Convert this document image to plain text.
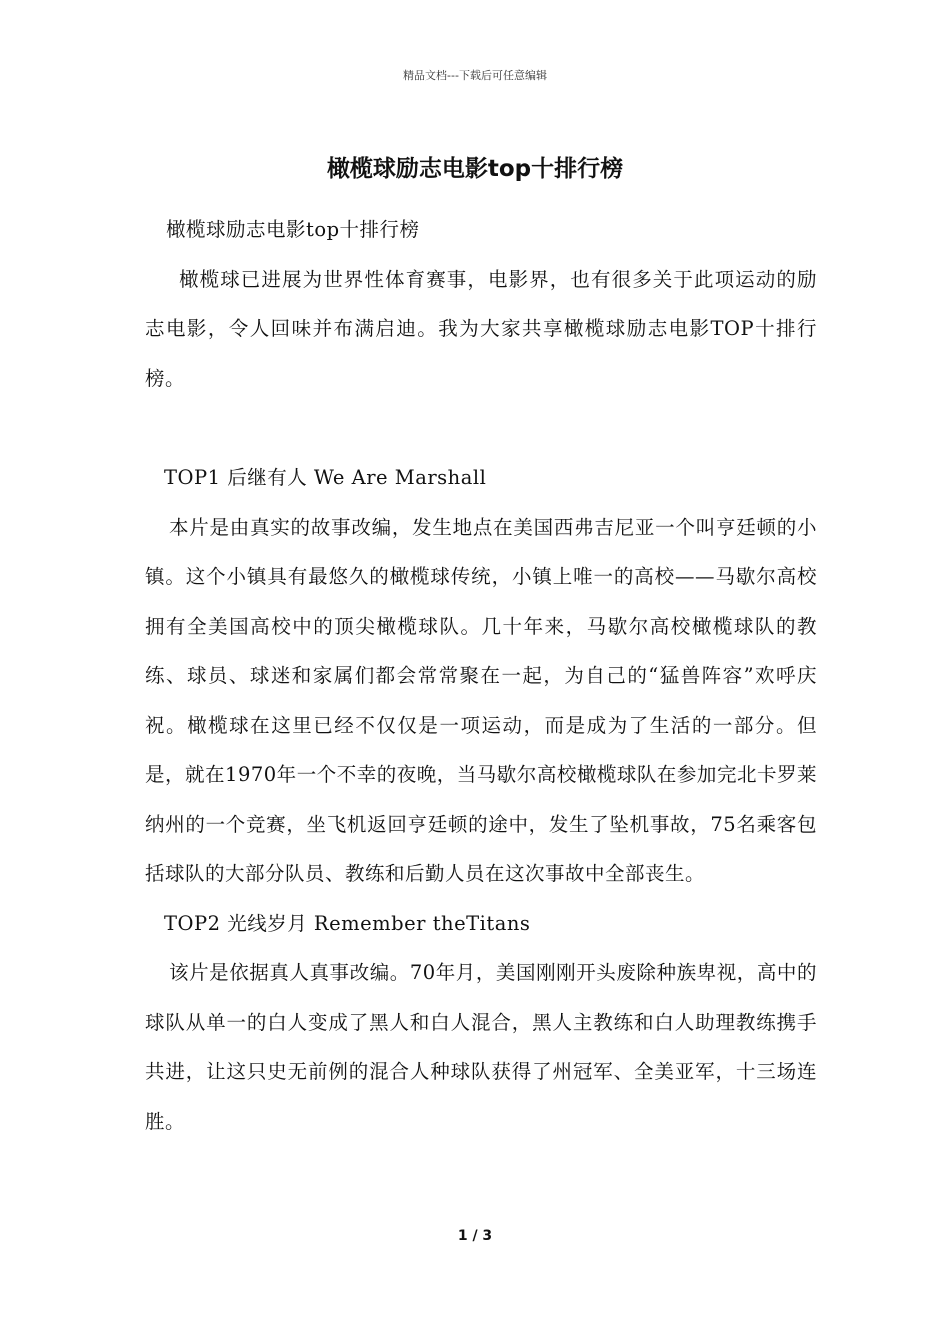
精品文档---下载后可任意编辑
橄榄球励志电影top十排行榜

橄榄球励志电影top十排行榜

橄榄球已进展为世界性体育赛事，电影界，也有很多关于此项运动的励志电影，令人回味并布满启迪。我为大家共享橄榄球励志电影TOP十排行榜。

TOP1 后继有人 We Are Marshall

本片是由真实的故事改编，发生地点在美国西弗吉尼亚一个叫亨廷顿的小镇。这个小镇具有最悠久的橄榄球传统，小镇上唯一的高校——马歇尔高校拥有全美国高校中的顶尖橄榄球队。几十年来，马歇尔高校橄榄球队的教练、球员、球迷和家属们都会常常聚在一起，为自己的“猛兽阵容”欢呼庆祝。橄榄球在这里已经不仅仅是一项运动，而是成为了生活的一部分。但是，就在1970年一个不幸的夜晚，当马歇尔高校橄榄球队在参加完北卡罗莱纳州的一个竞赛，坐飞机返回亨廷顿的途中，发生了坠机事故，75名乘客包括球队的大部分队员、教练和后勤人员在这次事故中全部丧生。

TOP2 光线岁月 Remember theTitans

该片是依据真人真事改编。70年月，美国刚刚开头废除种族卑视，高中的球队从单一的白人变成了黑人和白人混合，黑人主教练和白人助理教练携手共进，让这只史无前例的混合人种球队获得了州冠军、全美亚军，十三场连胜。

1 / 3
